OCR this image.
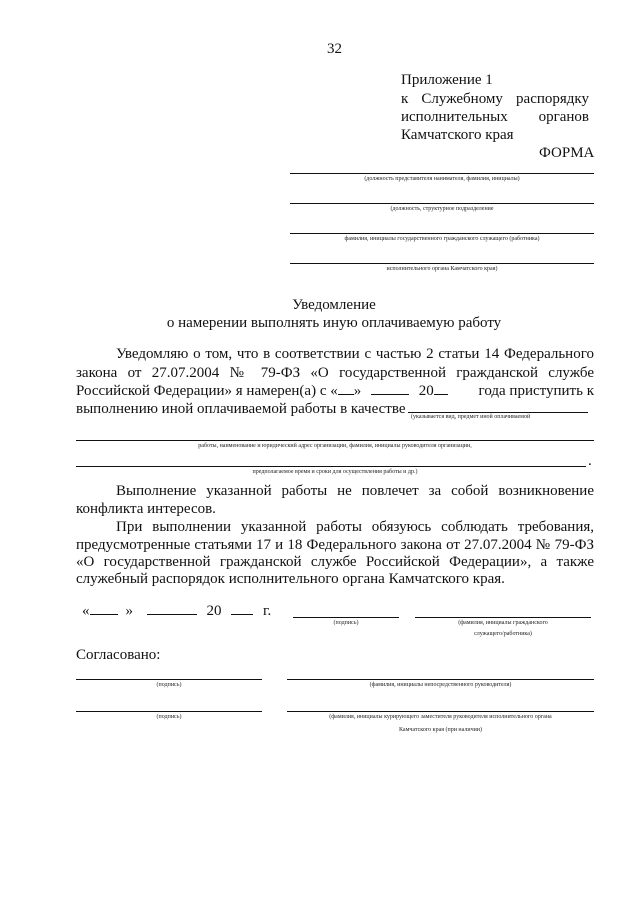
32
Приложение 1
к Служебному распорядку
исполнительных органов
Камчатского края
ФОРМА
(должность представителя нанимателя, фамилия, инициалы)
(должность, структурное подразделение
фамилия, инициалы государственного гражданского служащего (работника)
исполнительного органа Камчатского края)
Уведомление
о намерении выполнять иную оплачиваемую работу
Уведомляю о том, что в соответствии с частью 2 статьи 14 Федерального
закона от 27.07.2004 № 79-ФЗ «О государственной гражданской службе
Российской Федерации» я намерен(а) с « »	20	года приступить к
выполнению иной оплачиваемой работы в качестве (указывается вид, предмет иной оплачиваемой
работы, наименование и юридический адрес организации, фамилия, инициалы руководителя организации,
.
предполагаемое время и сроки для осуществления работы и др.)
Выполнение указанной работы не повлечет за собой возникновение
конфликта интересов.
При выполнении указанной работы обязуюсь соблюдать требования,
предусмотренные статьями 17 и 18 Федерального закона от 27.07.2004 № 79-ФЗ
«О государственной гражданской службе Российской Федерации», а также
служебный распорядок исполнительного органа Камчатского края.
« »	20	г.
(подпись)	(фамилия, инициалы гражданского
служащего/работника)
Согласовано:
(подпись)	(фамилия, инициалы непосредственного руководителя)
(подпись)	(фамилия, инициалы курирующего заместителя руководителя исполнительного органа
Камчатского края (при наличии)
